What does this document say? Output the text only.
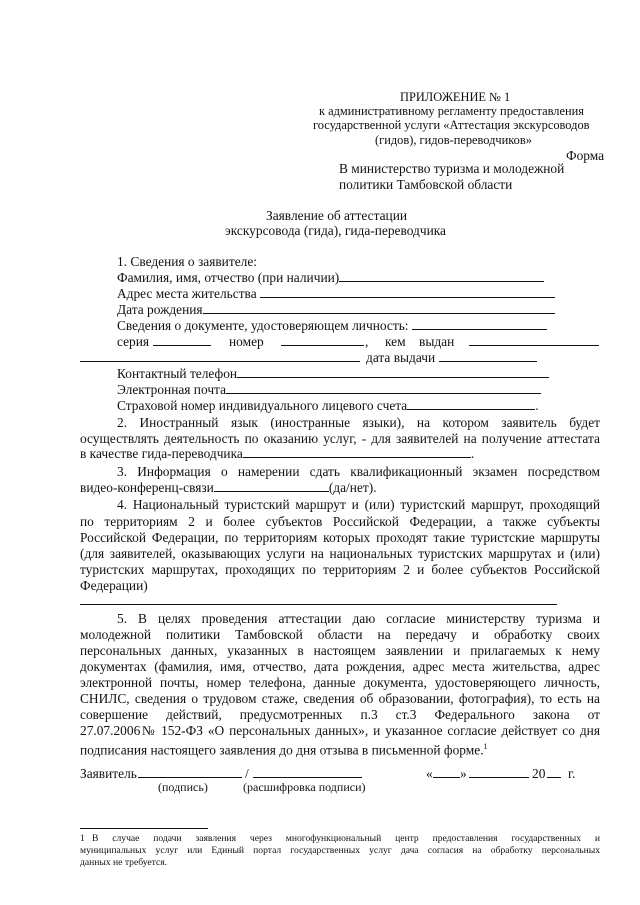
ПРИЛОЖЕНИЕ № 1
к административному регламенту предоставления
государственной услуги «Аттестация экскурсоводов
(гидов), гидов-переводчиков»
Форма
В министерство туризма и молодежной
политики Тамбовской области
Заявление об аттестации
экскурсовода (гида), гида-переводчика
1. Сведения о заявителе:
Фамилия, имя, отчество (при наличии)
Адрес места жительства
Дата рождения
Сведения о документе, удостоверяющем личность:
серия	номер	, кем выдан
дата выдачи
Контактный телефон
Электронная почта
Страховой номер индивидуального лицевого счета	.
2. Иностранный язык (иностранные языки), на котором заявитель будет
осуществлять деятельность по оказанию услуг, - для заявителей на получение аттестата
в качестве гида-переводчика	.
3. Информация о намерении сдать квалификационный экзамен посредством
видео-конференц-связи	(да/нет).
4. Национальный туристский маршрут и (или) туристский маршрут, проходящий
по территориям 2 и более субъектов Российской Федерации, а также субъекты
Российской Федерации, по территориям которых проходят такие туристские маршруты
(для заявителей, оказывающих услуги на национальных туристских маршрутах и (или)
туристских маршрутах, проходящих по территориям 2 и более субъектов Российской
Федерации)
5. В целях проведения аттестации даю согласие министерству туризма и
молодежной политики Тамбовской области на передачу и обработку своих
персональных данных, указанных в настоящем заявлении и прилагаемых к нему
документах (фамилия, имя, отчество, дата рождения, адрес места жительства, адрес
электронной почты, номер телефона, данные документа, удостоверяющего личность,
СНИЛС, сведения о трудовом стаже, сведения об образовании, фотография), то есть на
совершение действий, предусмотренных п.3 ст.3 Федерального закона от
27.07.2006№ 152-ФЗ «О персональных данных», и указанное согласие действует со дня
подписания настоящего заявления до дня отзыва в письменной форме.$^1$
Заявитель	/	« »	20 г.
(подпись)	(расшифровка подписи)
1 В случае подачи заявления через многофункциональный центр предоставления государственных и
муниципальных услуг или Единый портал государственных услуг дача согласия на обработку персональных
данных не требуется.
